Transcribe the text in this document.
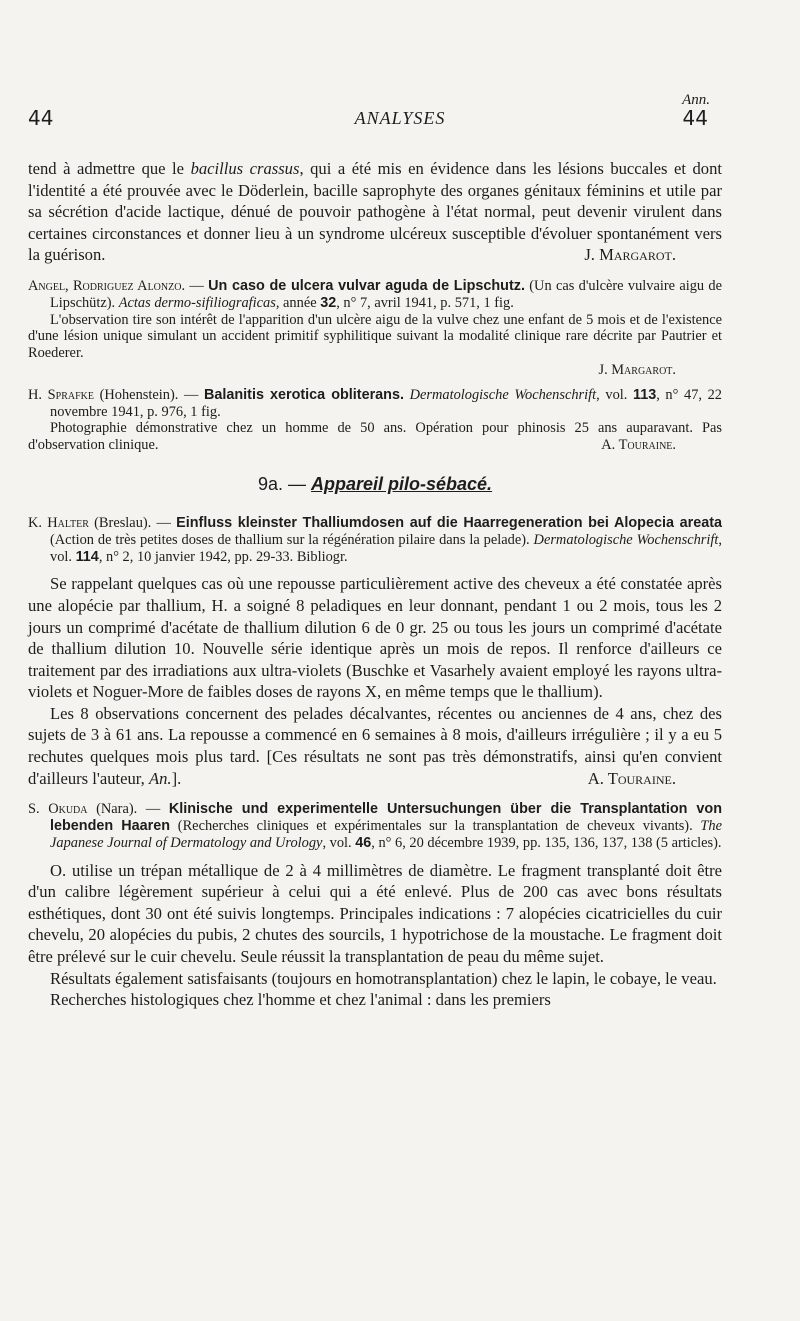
Ann.
44	ANALYSES	44

tend à admettre que le bacillus crassus, qui a été mis en évidence dans les lésions buccales et dont l'identité a été prouvée avec le Döderlein, bacille saprophyte des organes génitaux féminins et utile par sa sécrétion d'acide lactique, dénué de pouvoir pathogène à l'état normal, peut devenir virulent dans certaines circonstances et donner lieu à un syndrome ulcéreux susceptible d'évoluer spontanément vers la guérison.	J. Margarot.

Angel, Rodriguez Alonzo. — Un caso de ulcera vulvar aguda de Lipschutz. (Un cas d'ulcère vulvaire aigu de Lipschütz). Actas dermo-sifiliograficas, année 32, n° 7, avril 1941, p. 571, 1 fig.

L'observation tire son intérêt de l'apparition d'un ulcère aigu de la vulve chez une enfant de 5 mois et de l'existence d'une lésion unique simulant un accident primitif syphilitique suivant la modalité clinique rare décrite par Pautrier et Roederer.

J. Margarot.

H. Sprafke (Hohenstein). — Balanitis xerotica obliterans. Dermatologische Wochenschrift, vol. 113, n° 47, 22 novembre 1941, p. 976, 1 fig.

Photographie démonstrative chez un homme de 50 ans. Opération pour phinosis 25 ans auparavant. Pas d'observation clinique.	A. Touraine.

9a. — Appareil pilo-sébacé.

K. Halter (Breslau). — Einfluss kleinster Thalliumdosen auf die Haarregeneration bei Alopecia areata (Action de très petites doses de thallium sur la régénération pilaire dans la pelade). Dermatologische Wochenschrift, vol. 114, n° 2, 10 janvier 1942, pp. 29-33. Bibliogr.

Se rappelant quelques cas où une repousse particulièrement active des cheveux a été constatée après une alopécie par thallium, H. a soigné 8 peladiques en leur donnant, pendant 1 ou 2 mois, tous les 2 jours un comprimé d'acétate de thallium dilution 6 de 0 gr. 25 ou tous les jours un comprimé d'acétate de thallium dilution 10. Nouvelle série identique après un mois de repos. Il renforce d'ailleurs ce traitement par des irradiations aux ultra-violets (Buschke et Vasarhely avaient employé les rayons ultra-violets et Noguer-More de faibles doses de rayons X, en même temps que le thallium).

Les 8 observations concernent des pelades décalvantes, récentes ou anciennes de 4 ans, chez des sujets de 3 à 61 ans. La repousse a commencé en 6 semaines à 8 mois, d'ailleurs irrégulière ; il y a eu 5 rechutes quelques mois plus tard. [Ces résultats ne sont pas très démonstratifs, ainsi qu'en convient d'ailleurs l'auteur, An.].	A. Touraine.

S. Okuda (Nara). — Klinische und experimentelle Untersuchungen über die Transplantation von lebenden Haaren (Recherches cliniques et expérimentales sur la transplantation de cheveux vivants). The Japanese Journal of Dermatology and Urology, vol. 46, n° 6, 20 décembre 1939, pp. 135, 136, 137, 138 (5 articles).

O. utilise un trépan métallique de 2 à 4 millimètres de diamètre. Le fragment transplanté doit être d'un calibre légèrement supérieur à celui qui a été enlevé. Plus de 200 cas avec bons résultats esthétiques, dont 30 ont été suivis longtemps. Principales indications : 7 alopécies cicatricielles du cuir chevelu, 20 alopécies du pubis, 2 chutes des sourcils, 1 hypotrichose de la moustache. Le fragment doit être prélevé sur le cuir chevelu. Seule réussit la transplantation de peau du même sujet.

Résultats également satisfaisants (toujours en homotransplantation) chez le lapin, le cobaye, le veau.

Recherches histologiques chez l'homme et chez l'animal : dans les premiers
